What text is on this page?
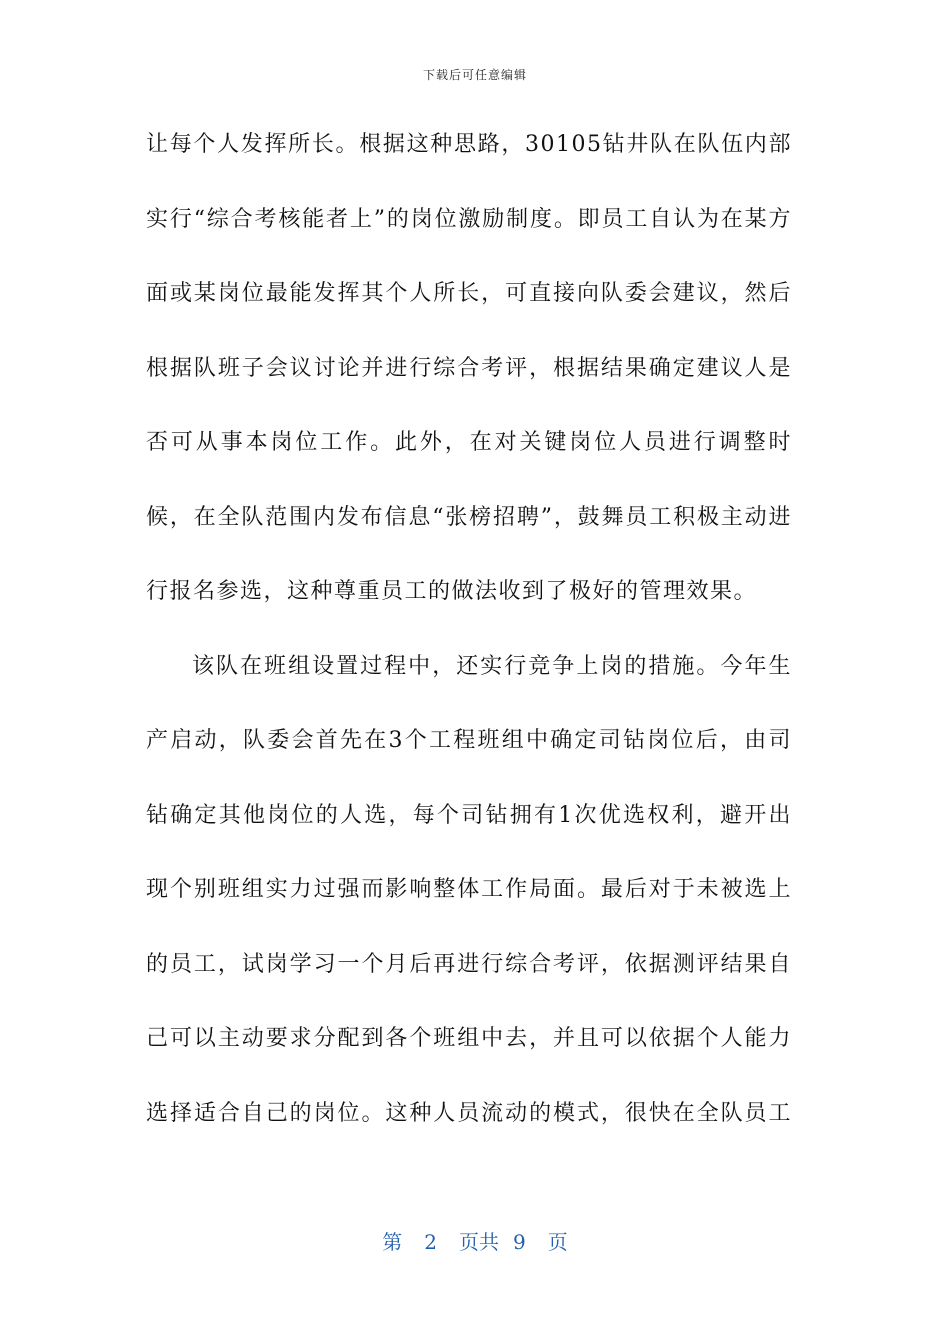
下载后可任意编辑

让每个人发挥所长。根据这种思路，30105钻井队在队伍内部实行“综合考核能者上”的岗位激励制度。即员工自认为在某方面或某岗位最能发挥其个人所长，可直接向队委会建议，然后根据队班子会议讨论并进行综合考评，根据结果确定建议人是否可从事本岗位工作。此外，在对关键岗位人员进行调整时候，在全队范围内发布信息“张榜招聘”，鼓舞员工积极主动进行报名参选，这种尊重员工的做法收到了极好的管理效果。

该队在班组设置过程中，还实行竞争上岗的措施。今年生产启动，队委会首先在3个工程班组中确定司钻岗位后，由司钻确定其他岗位的人选，每个司钻拥有1次优选权利，避开出现个别班组实力过强而影响整体工作局面。最后对于未被选上的员工，试岗学习一个月后再进行综合考评，依据测评结果自己可以主动要求分配到各个班组中去，并且可以依据个人能力选择适合自己的岗位。这种人员流动的模式，很快在全队员工

第 2 页共 9 页
